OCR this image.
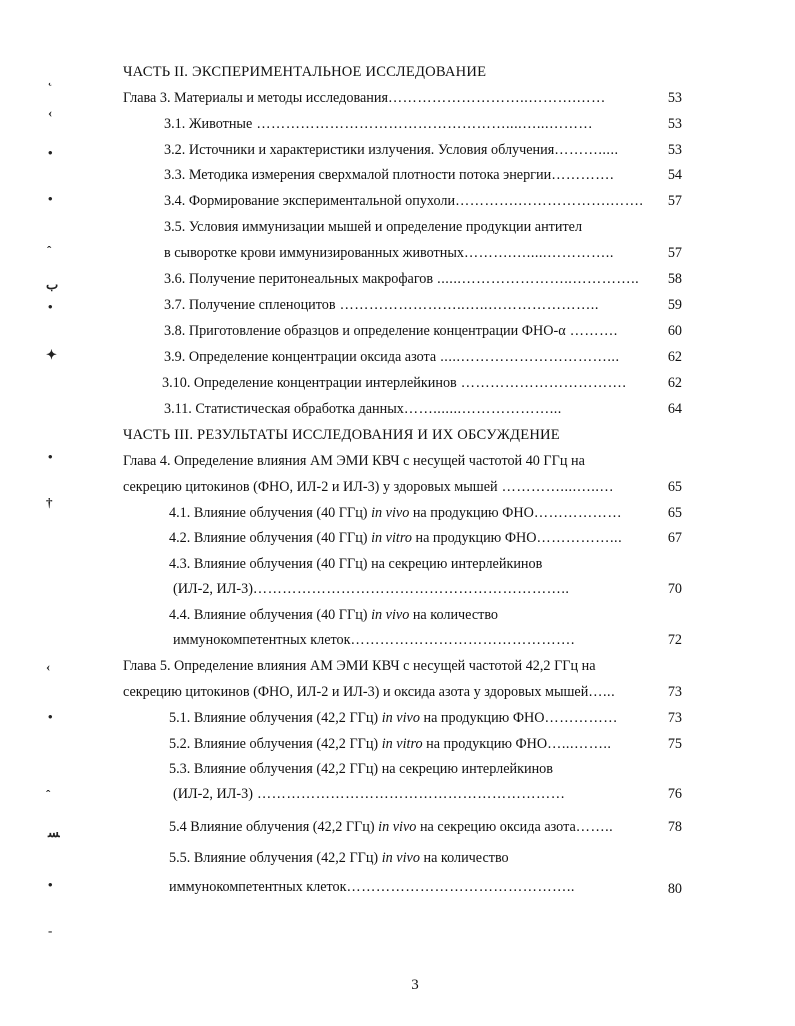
˛
‹
•
•
ˆ
ب
•
✦
•
†
‹
•
ˆ
ﺴ
•
‑
ЧАСТЬ II. ЭКСПЕРИМЕНТАЛЬНОЕ ИССЛЕДОВАНИЕ
Глава 3. Материалы и методы исследования………………………..……….……	53
3.1. Животные ……………………………………………....…...………	53
3.2. Источники и характеристики излучения. Условия облучения……….....	53
3.3. Методика измерения сверхмалой плотности потока энергии………….	54
3.4. Формирование экспериментальной опухоли………….……………….…….	57
3.5. Условия иммунизации мышей и определение продукции антител
в сыворотке крови иммунизированных животных……….….....…………..	57
3.6. Получение перитонеальных макрофагов ......…………………..…………..	58
3.7. Получение спленоцитов ……………………..…..…………………..	59
3.8. Приготовление образцов и определение концентрации ФНО-α ……….	60
3.9. Определение концентрации оксида азота .....…………………………...	62
3.10. Определение концентрации интерлейкинов …………………………….	62
3.11. Статистическая обработка данных…….......………………...	64
ЧАСТЬ III. РЕЗУЛЬТАТЫ ИССЛЕДОВАНИЯ И ИХ ОБСУЖДЕНИЕ
Глава 4. Определение влияния АМ ЭМИ КВЧ с несущей частотой 40 ГГц на
секрецию цитокинов (ФНО, ИЛ-2 и ИЛ-3) у здоровых мышей …………....…..…	65
4.1. Влияние облучения (40 ГГц) in vivo на продукцию ФНО………………	65
4.2. Влияние облучения (40 ГГц) in vitro на продукцию ФНО……………...	67
4.3. Влияние облучения (40 ГГц) на секрецию интерлейкинов
(ИЛ-2, ИЛ-3)………………………………………………………..	70
4.4. Влияние облучения (40 ГГц) in vivo на количество
иммунокомпетентных клеток……………………………………….	72
Глава 5. Определение влияния АМ ЭМИ КВЧ с несущей частотой 42,2 ГГц на
секрецию цитокинов (ФНО, ИЛ-2 и ИЛ-3) и оксида азота у здоровых мышей…...	73
5.1. Влияние облучения (42,2 ГГц) in vivo на продукцию ФНО……………	73
5.2. Влияние облучения (42,2 ГГц) in vitro на продукцию ФНО…...……..	75
5.3. Влияние облучения (42,2 ГГц) на секрецию интерлейкинов
(ИЛ-2, ИЛ-3) ………………………………………………………	76
5.4 Влияние облучения (42,2 ГГц) in vivo на секрецию оксида азота……..	78
5.5. Влияние облучения (42,2 ГГц) in vivo на количество
иммунокомпетентных клеток………………………………………..	80
3
